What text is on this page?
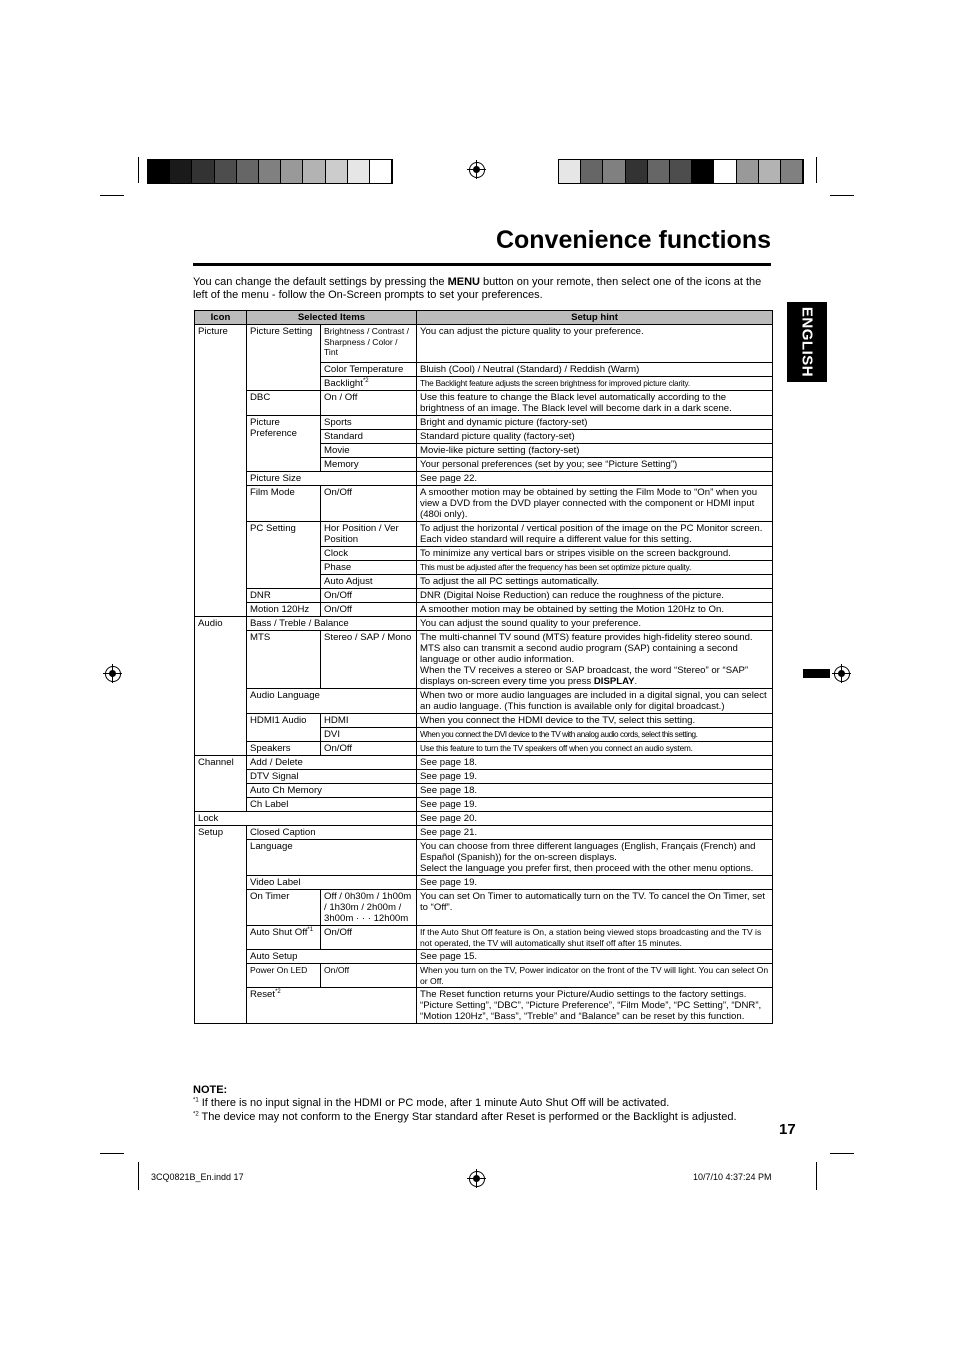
Convenience functions
You can change the default settings by pressing the MENU button on your remote, then select one of the icons at the left of the menu - follow the On-Screen prompts to set your preferences.
ENGLISH
Icon	Selected Items		Setup hint
Picture	Picture Setting	Brightness / Contrast / Sharpness / Color / Tint	You can adjust the picture quality to your preference.
		Color Temperature	Bluish (Cool) / Neutral (Standard) / Reddish (Warm)
		Backlight$^{*2}$	The Backlight feature adjusts the screen brightness for improved picture clarity.
	DBC	On / Off	Use this feature to change the Black level automatically according to the brightness of an image. The Black level will become dark in a dark scene.
	Picture Preference	Sports	Bright and dynamic picture (factory-set)
		Standard	Standard picture quality (factory-set)
		Movie	Movie-like picture setting (factory-set)
		Memory	Your personal preferences (set by you; see “Picture Setting”)
	Picture Size		See page 22.
	Film Mode	On/Off	A smoother motion may be obtained by setting the Film Mode to “On” when you view a DVD from the DVD player connected with the component or HDMI input (480i only).
	PC Setting	Hor Position / Ver Position	To adjust the horizontal / vertical position of the image on the PC Monitor screen. Each video standard will require a different value for this setting.
		Clock	To minimize any vertical bars or stripes visible on the screen background.
		Phase	This must be adjusted after the frequency has been set optimize picture quality.
		Auto Adjust	To adjust the all PC settings automatically.
	DNR	On/Off	DNR (Digital Noise Reduction) can reduce the roughness of the picture.
	Motion 120Hz	On/Off	A smoother motion may be obtained by setting the Motion 120Hz to On.
Audio	Bass / Treble / Balance		You can adjust the sound quality to your preference.
	MTS	Stereo / SAP / Mono	The multi-channel TV sound (MTS) feature provides high-fidelity stereo sound. MTS also can transmit a second audio program (SAP) containing a second language or other audio information.
When the TV receives a stereo or SAP broadcast, the word “Stereo” or “SAP” displays on-screen every time you press DISPLAY.
	Audio Language		When two or more audio languages are included in a digital signal, you can select an audio language. (This function is available only for digital broadcast.)
	HDMI1 Audio	HDMI	When you connect the HDMI device to the TV, select this setting.
		DVI	When you connect the DVI device to the TV with analog audio cords, select this setting.
	Speakers	On/Off	Use this feature to turn the TV speakers off when you connect an audio system.
Channel	Add / Delete		See page 18.
	DTV Signal		See page 19.
	Auto Ch Memory		See page 18.
	Ch Label		See page 19.
Lock			See page 20.
Setup	Closed Caption		See page 21.
	Language		You can choose from three different languages (English, Français (French) and Español (Spanish)) for the on-screen displays.
Select the language you prefer first, then proceed with the other menu options.
	Video Label		See page 19.
	On Timer	Off / 0h30m / 1h00m / 1h30m / 2h00m / 3h00m · · · 12h00m	You can set On Timer to automatically turn on the TV. To cancel the On Timer, set to “Off”.
	Auto Shut Off$^{*1}$	On/Off	If the Auto Shut Off feature is On, a station being viewed stops broadcasting and the TV is not operated, the TV will automatically shut itself off after 15 minutes.
	Auto Setup		See page 15.
	Power On LED	On/Off	When you turn on the TV, Power indicator on the front of the TV will light. You can select On or Off.
	Reset$^{*2}$		The Reset function returns your Picture/Audio settings to the factory settings. “Picture Setting”, “DBC”, “Picture Preference”, “Film Mode”, “PC Setting”, “DNR”, “Motion 120Hz”, “Bass”, “Treble” and “Balance” can be reset by this function.
NOTE:
$^{*1}$ If there is no input signal in the HDMI or PC mode, after 1 minute Auto Shut Off will be activated.
$^{*2}$ The device may not conform to the Energy Star standard after Reset is performed or the Backlight is adjusted.
17
3CQ0821B_En.indd 17	10/7/10 4:37:24 PM
